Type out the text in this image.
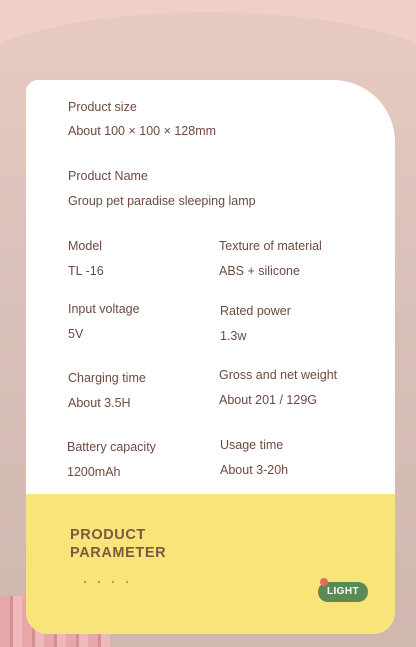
Product size
About 100 × 100 × 128mm
Product Name
Group pet paradise sleeping lamp
Model
TL -16
Texture of material
ABS + silicone
Input voltage
5V
Rated power
1.3w
Charging time
About 3.5H
Gross and net weight
About 201 / 129G
Battery capacity
1200mAh
Usage time
About 3-20h
PRODUCT
PARAMETER
LIGHT
